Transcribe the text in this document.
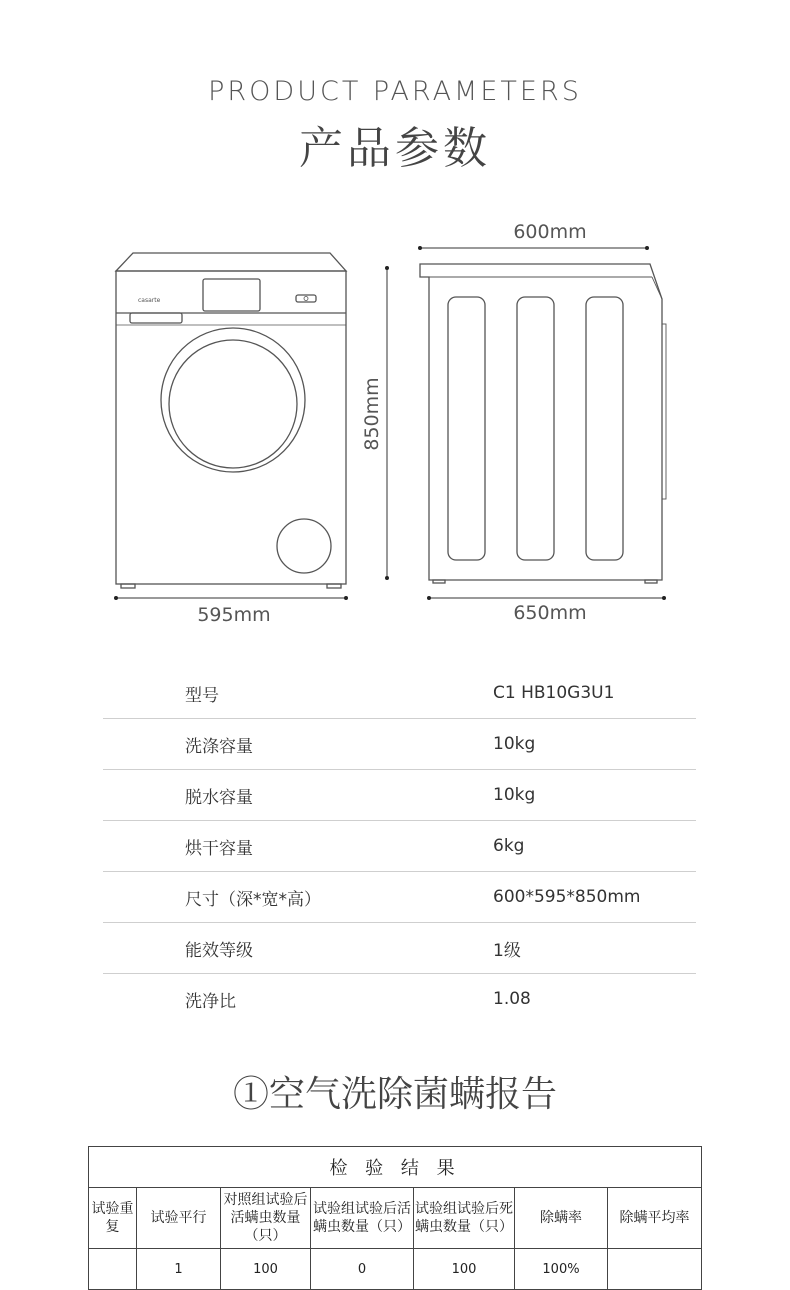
PRODUCT PARAMETERS
产品参数
casarte
595mm
850mm
600mm
650mm
型号	C1 HB10G3U1
洗涤容量	10kg
脱水容量	10kg
烘干容量	6kg
尺寸（深*宽*高）	600*595*850mm
能效等级	1级
洗净比	1.08
①空气洗除菌螨报告
检 验 结 果						
试验重复	试验平行	对照组试验后活螨虫数量（只）	试验组试验后活螨虫数量（只）	试验组试验后死螨虫数量（只）	除螨率	除螨平均率
	1	100	0	100	100%	
